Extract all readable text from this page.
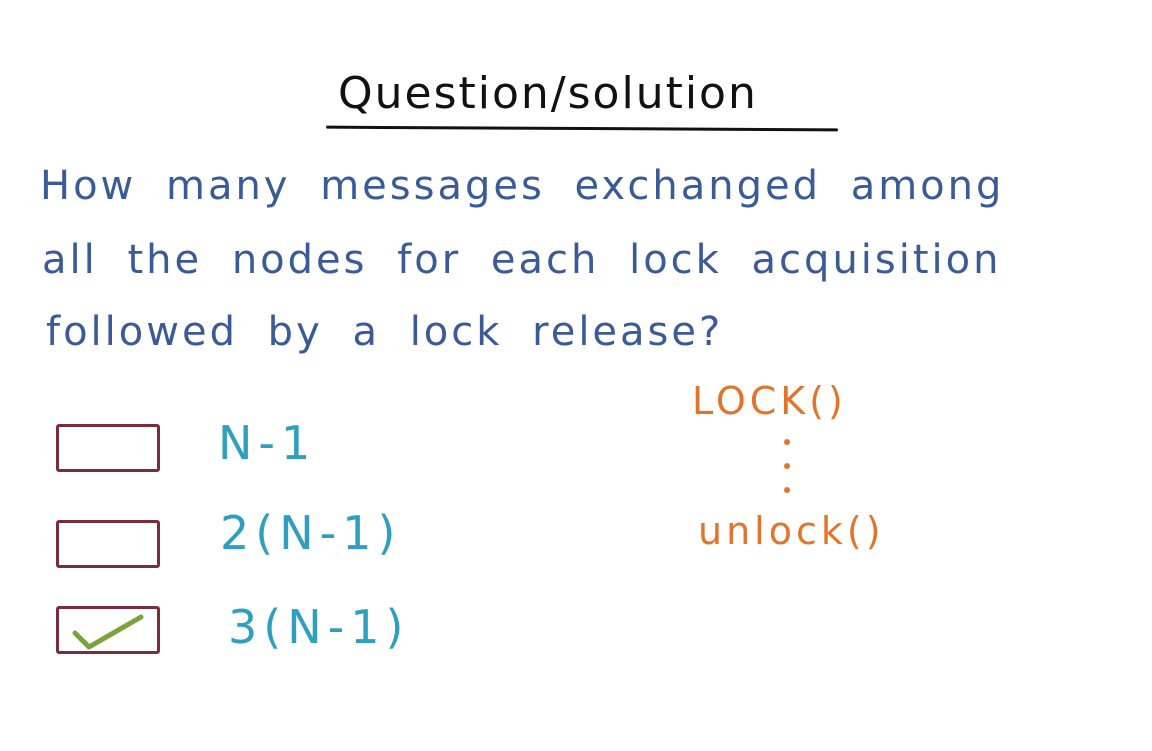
Question/solution
How many messages exchanged among
all the nodes for each lock acquisition
followed by a lock release?
N-1
2(N-1)
3(N-1)
LOCK()
unlock()
